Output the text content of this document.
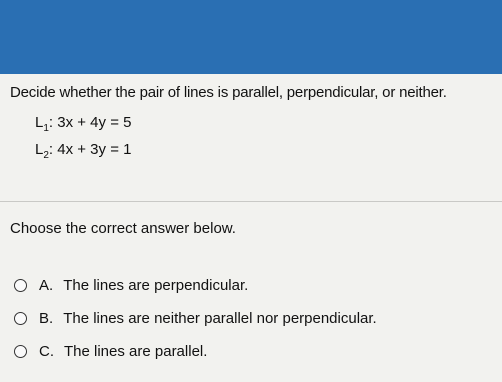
Decide whether the pair of lines is parallel, perpendicular, or neither.
$L_1$: 3x + 4y = 5
$L_2$: 4x + 3y = 1
Choose the correct answer below.
A. The lines are perpendicular.
B. The lines are neither parallel nor perpendicular.
C. The lines are parallel.
